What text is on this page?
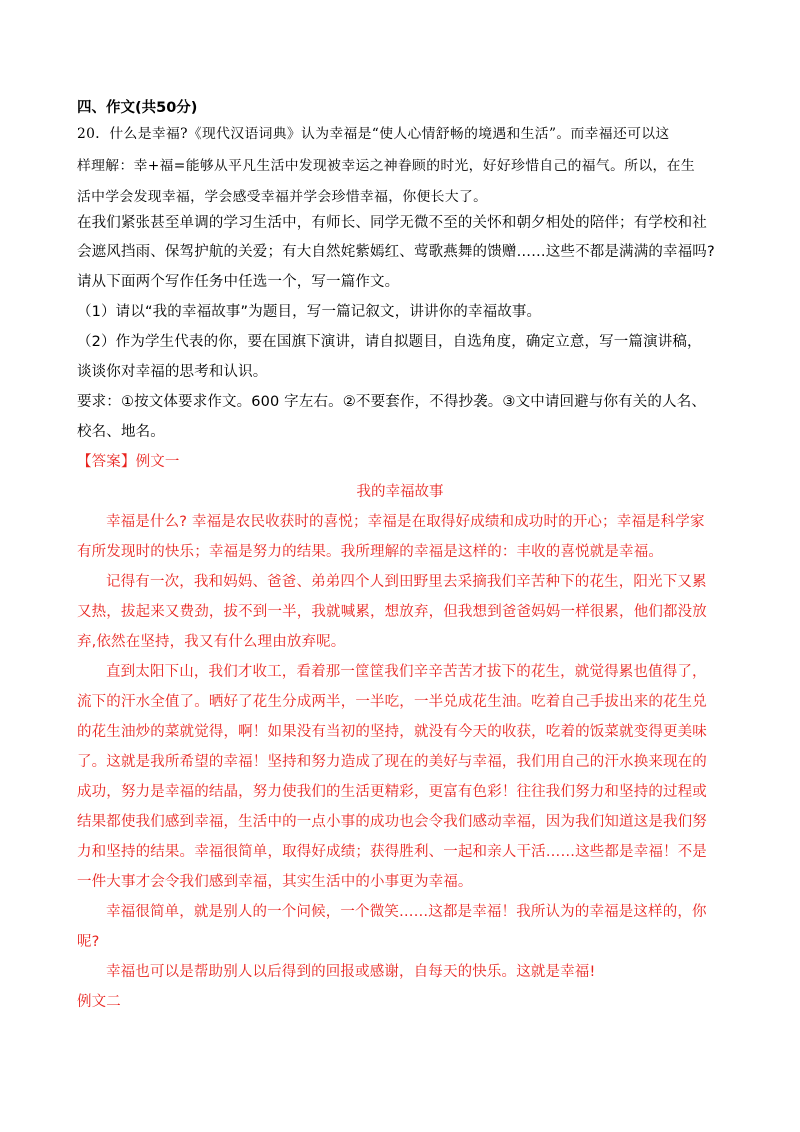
四、作文(共50分)

20．什么是幸福?《现代汉语词典》认为幸福是“使人心情舒畅的境遇和生活”。而幸福还可以这

样理解：幸+福=能够从平凡生活中发现被幸运之神眷顾的时光，好好珍惜自己的福气。所以，在生

活中学会发现幸福，学会感受幸福并学会珍惜幸福，你便长大了。

在我们紧张甚至单调的学习生活中，有师长、同学无微不至的关怀和朝夕相处的陪伴；有学校和社

会遮风挡雨、保驾护航的关爱；有大自然姹紫嫣红、莺歌燕舞的馈赠……这些不都是满满的幸福吗?

请从下面两个写作任务中任选一个，写一篇作文。

（1）请以“我的幸福故事”为题目，写一篇记叙文，讲讲你的幸福故事。

（2）作为学生代表的你，要在国旗下演讲，请自拟题目，自选角度，确定立意，写一篇演讲稿，

谈谈你对幸福的思考和认识。

要求：①按文体要求作文。600 字左右。②不要套作，不得抄袭。③文中请回避与你有关的人名、

校名、地名。

【答案】例文一

我的幸福故事

幸福是什么? 幸福是农民收获时的喜悦；幸福是在取得好成绩和成功时的开心；幸福是科学家

有所发现时的快乐；幸福是努力的结果。我所理解的幸福是这样的：丰收的喜悦就是幸福。

记得有一次，我和妈妈、爸爸、弟弟四个人到田野里去采摘我们辛苦种下的花生，阳光下又累

又热，拔起来又费劲，拔不到一半，我就喊累，想放弃，但我想到爸爸妈妈一样很累，他们都没放

弃,依然在坚持，我又有什么理由放弃呢。

直到太阳下山，我们才收工，看着那一筐筐我们辛辛苦苦才拔下的花生，就觉得累也值得了，

流下的汗水全值了。晒好了花生分成两半，一半吃，一半兑成花生油。吃着自己手拔出来的花生兑

的花生油炒的菜就觉得，啊！如果没有当初的坚持，就没有今天的收获，吃着的饭菜就变得更美味

了。这就是我所希望的幸福！坚持和努力造成了现在的美好与幸福，我们用自己的汗水换来现在的

成功，努力是幸福的结晶，努力使我们的生活更精彩，更富有色彩！往往我们努力和坚持的过程或

结果都使我们感到幸福，生活中的一点小事的成功也会令我们感动幸福，因为我们知道这是我们努

力和坚持的结果。幸福很简单，取得好成绩；获得胜利、一起和亲人干活……这些都是幸福！不是

一件大事才会令我们感到幸福，其实生活中的小事更为幸福。

幸福很简单，就是别人的一个问候，一个微笑……这都是幸福！我所认为的幸福是这样的，你

呢?

幸福也可以是帮助别人以后得到的回报或感谢，自每天的快乐。这就是幸福!

例文二
